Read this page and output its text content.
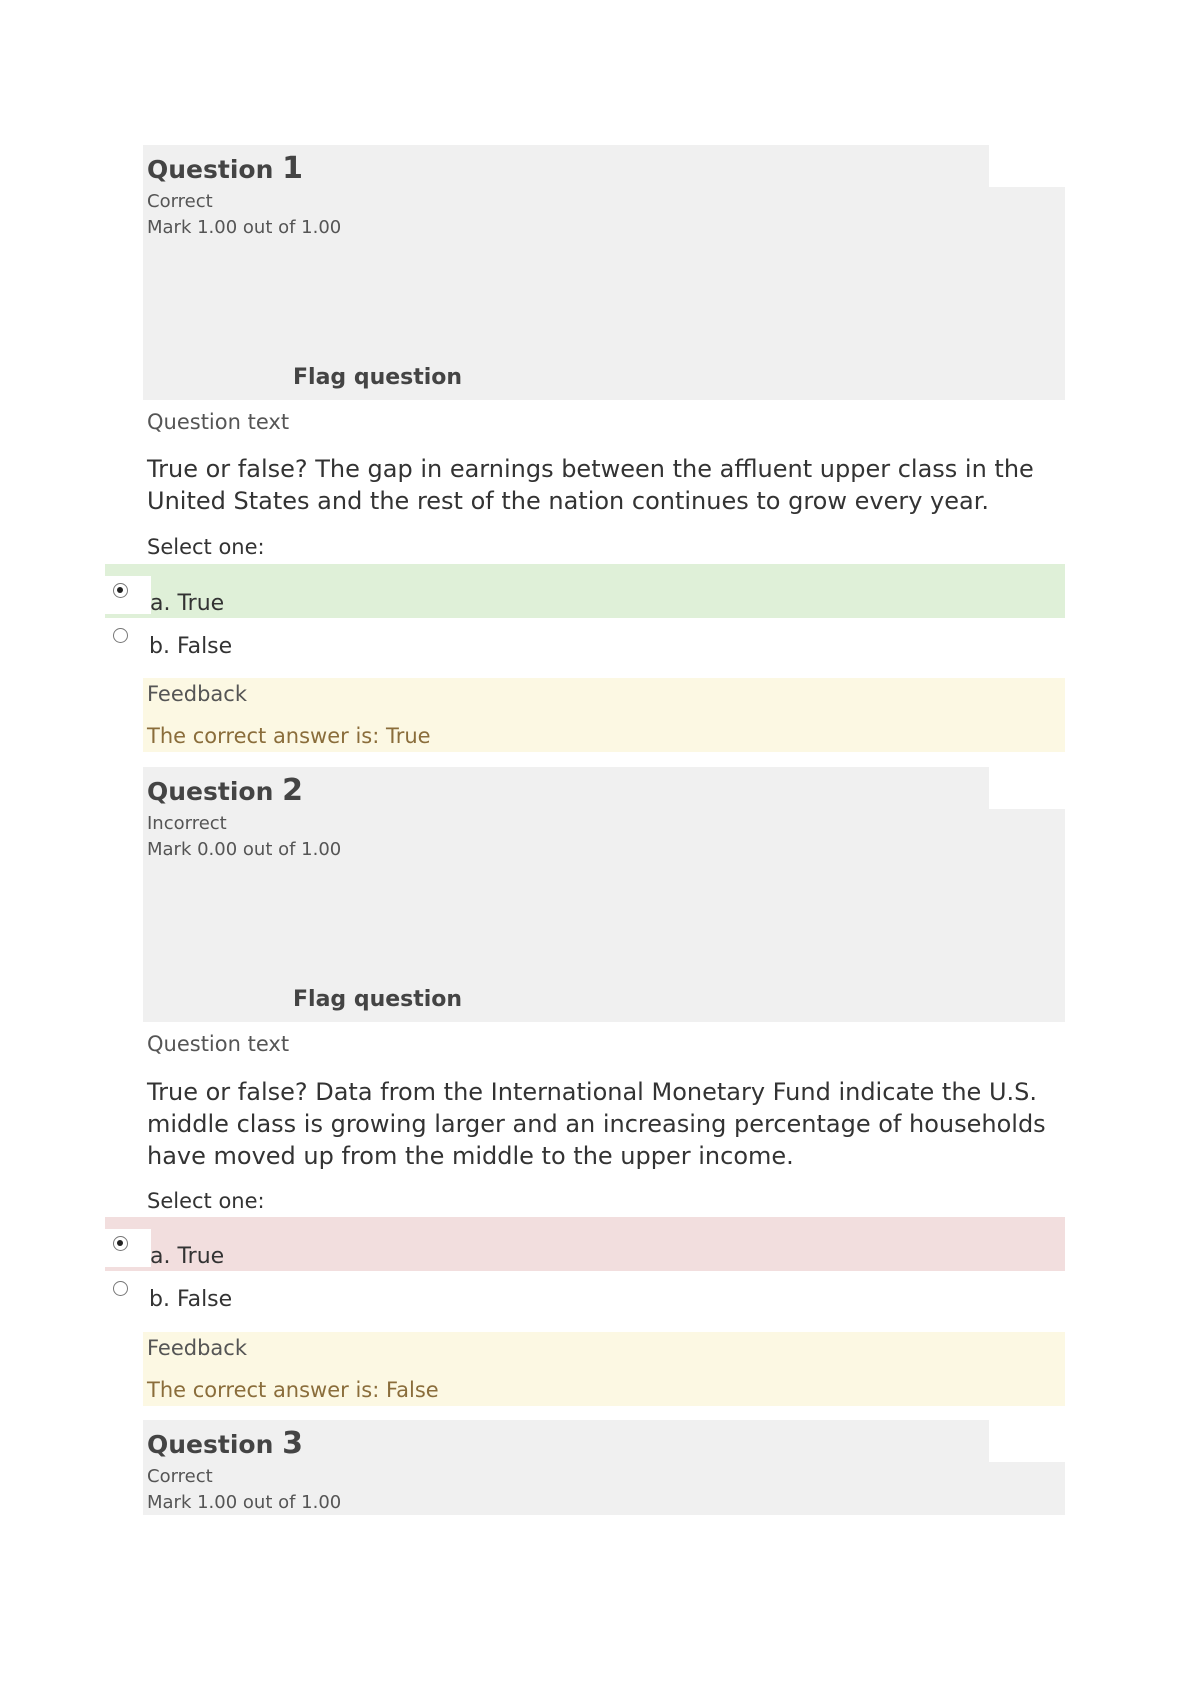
Question 1
Correct
Mark 1.00 out of 1.00
Flag question
Question text
True or false? The gap in earnings between the affluent upper class in the United States and the rest of the nation continues to grow every year.
Select one:
a. True
b. False
Feedback
The correct answer is: True
Question 2
Incorrect
Mark 0.00 out of 1.00
Flag question
Question text
True or false? Data from the International Monetary Fund indicate the U.S. middle class is growing larger and an increasing percentage of households have moved up from the middle to the upper income.
Select one:
a. True
b. False
Feedback
The correct answer is: False
Question 3
Correct
Mark 1.00 out of 1.00
